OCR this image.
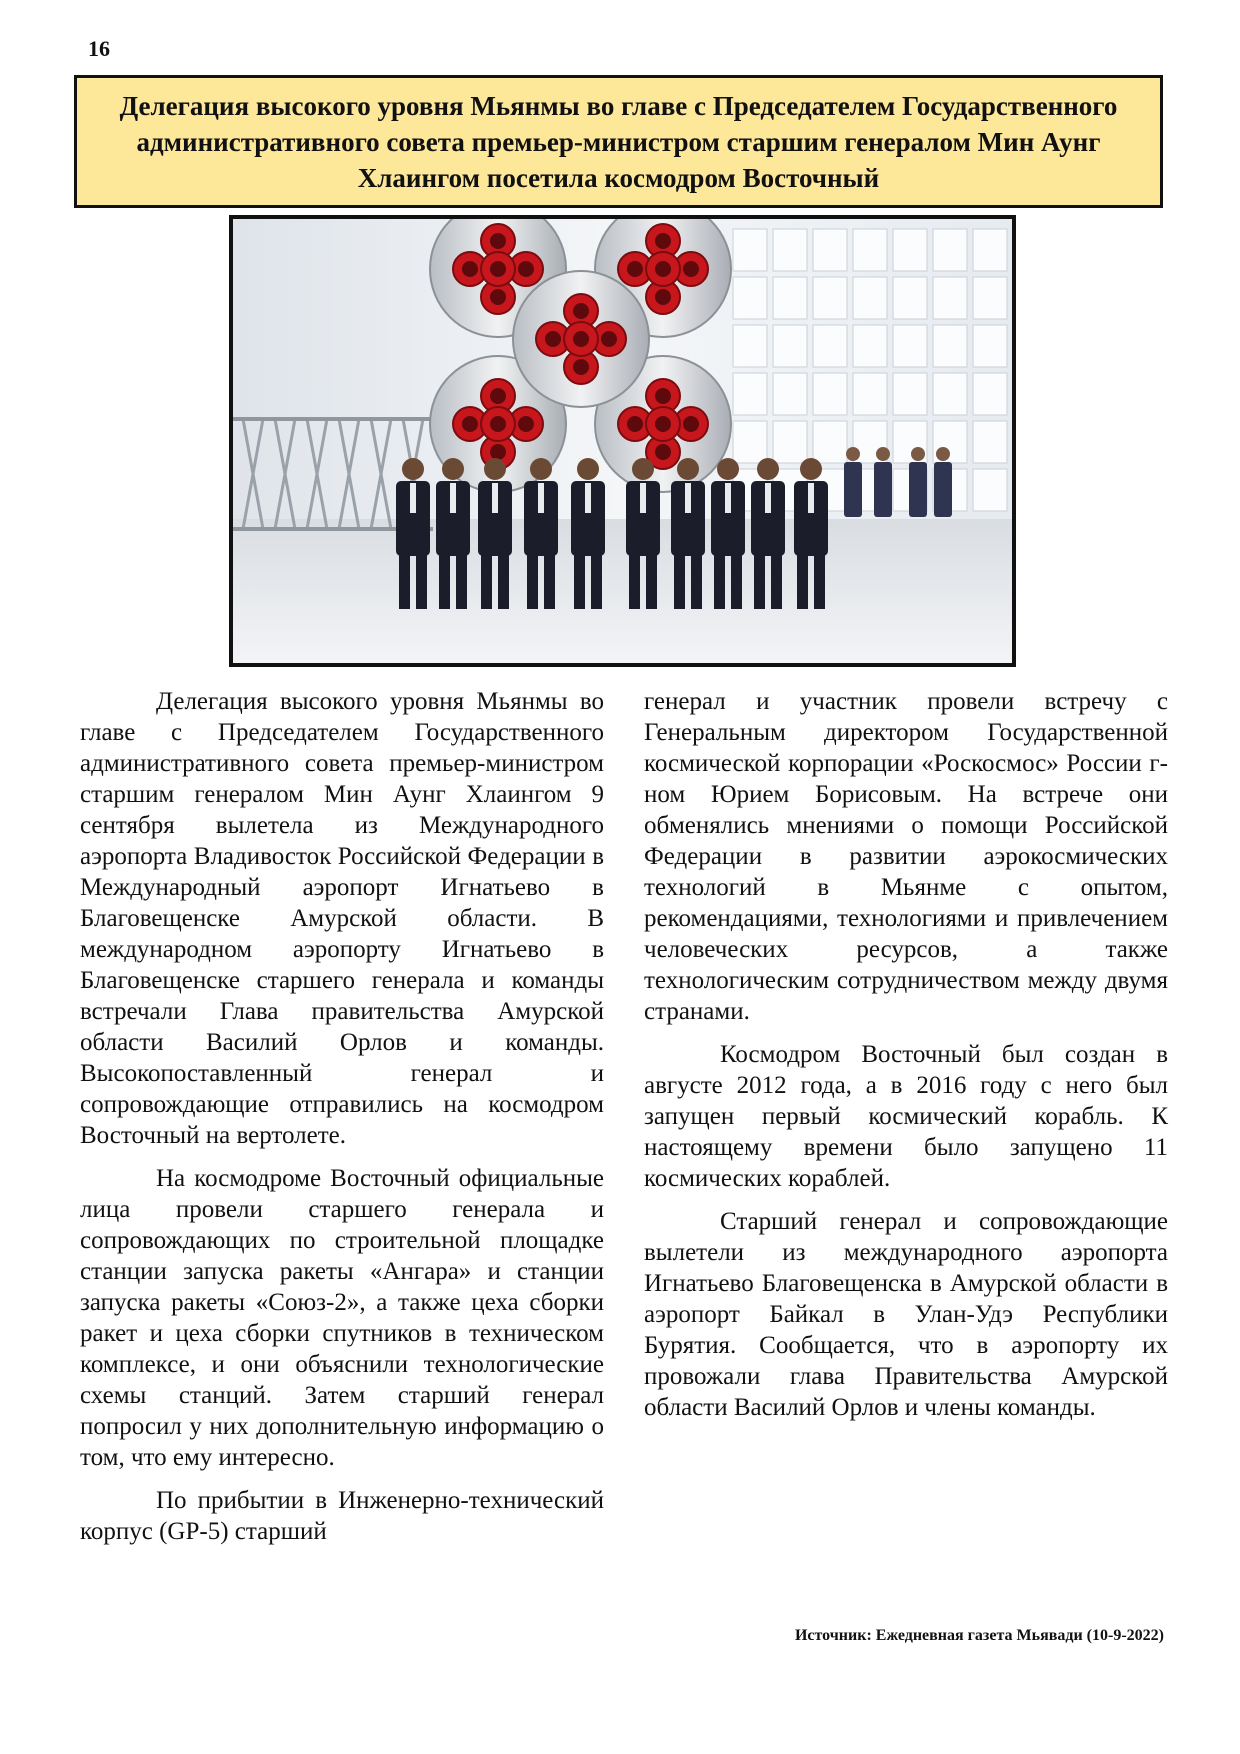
16
Делегация высокого уровня Мьянмы во главе с Председателем Государственного административного совета премьер-министром старшим генералом Мин Аунг Хлаингом посетила космодром Восточный

Делегация высокого уровня Мьянмы во главе с Председателем Государственного административного совета премьер-министром старшим генералом Мин Аунг Хлаингом 9 сентября вылетела из Международного аэропорта Владивосток Российской Федерации в Международный аэропорт Игнатьево в Благовещенске Амурской области. В международном аэропорту Игнатьево в Благовещенске старшего генерала и команды встречали Глава правительства Амурской области Василий Орлов и команды. Высокопоставленный генерал и сопровождающие отправились на космодром Восточный на вертолете.

На космодроме Восточный официальные лица провели старшего генерала и сопровождающих по строительной площадке станции запуска ракеты «Ангара» и станции запуска ракеты «Союз-2», а также цеха сборки ракет и цеха сборки спутников в техническом комплексе, и они объяснили технологические схемы станций. Затем старший генерал попросил у них дополнительную информацию о том, что ему интересно.

По прибытии в Инженерно-технический корпус (GP-5) старший

генерал и участник провели встречу с Генеральным директором Государственной космической корпорации «Роскосмос» России г-ном Юрием Борисовым. На встрече они обменялись мнениями о помощи Российской Федерации в развитии аэрокосмических технологий в Мьянме с опытом, рекомендациями, технологиями и привлечением человеческих ресурсов, а также технологическим сотрудничеством между двумя странами.

Космодром Восточный был создан в августе 2012 года, а в 2016 году с него был запущен первый космический корабль. К настоящему времени было запущено 11 космических кораблей.

Старший генерал и сопровождающие вылетели из международного аэропорта Игнатьево Благовещенска в Амурской области в аэропорт Байкал в Улан-Удэ Республики Бурятия. Сообщается, что в аэропорту их провожали глава Правительства Амурской области Василий Орлов и члены команды.

Источник: Ежедневная газета Мьявади (10-9-2022)
